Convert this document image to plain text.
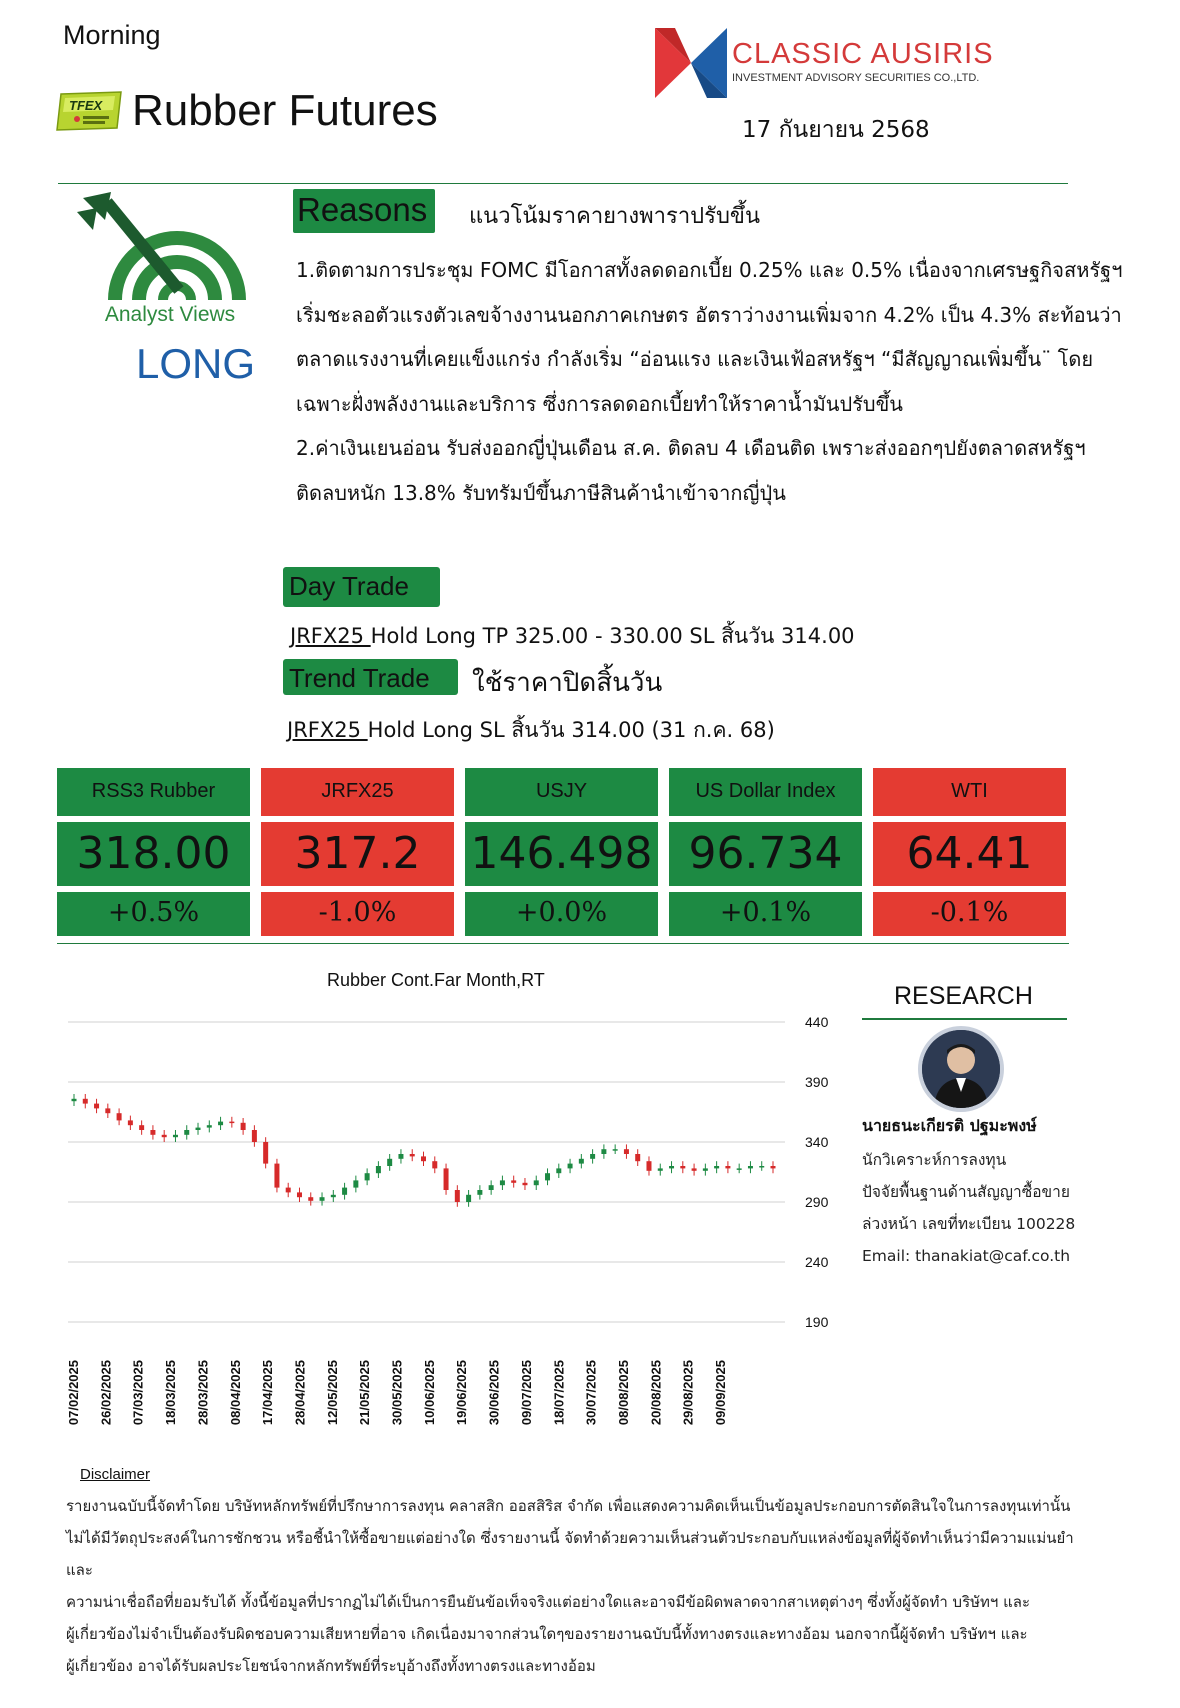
Morning
TFEX Rubber Futures
CLASSIC AUSIRIS
INVESTMENT ADVISORY SECURITIES CO.,LTD.
17 กันยายน 2568
Analyst Views
LONG
Reasons	แนวโน้มราคายางพาราปรับขึ้น

1.ติดตามการประชุม FOMC มีโอกาสทั้งลดดอกเบี้ย 0.25% และ 0.5% เนื่องจากเศรษฐกิจสหรัฐฯ เริ่มชะลอตัวแรงตัวเลขจ้างงานนอกภาคเกษตร อัตราว่างงานเพิ่มจาก 4.2% เป็น 4.3% สะท้อนว่าตลาดแรงงานที่เคยแข็งแกร่ง กำลังเริ่ม “อ่อนแรง และเงินเฟ้อสหรัฐฯ “มีสัญญาณเพิ่มขึ้น¨ โดยเฉพาะฝั่งพลังงานและบริการ ซึ่งการลดดอกเบี้ยทำให้ราคาน้ำมันปรับขึ้น

2.ค่าเงินเยนอ่อน รับส่งออกญี่ปุ่นเดือน ส.ค. ติดลบ 4 เดือนติด เพราะส่งออกๆปยังตลาดสหรัฐฯ ติดลบหนัก 13.8% รับทรัมป์ขึ้นภาษีสินค้านำเข้าจากญี่ปุ่น

Day Trade
JRFX25 Hold Long TP 325.00 - 330.00 SL สิ้นวัน 314.00
Trend Trade	ใช้ราคาปิดสิ้นวัน
JRFX25 Hold Long SL สิ้นวัน 314.00 (31 ก.ค. 68)
RSS3 Rubber
318.00
+0.5%
JRFX25
317.2
-1.0%
USJY
146.498
+0.0%
US Dollar Index
96.734
+0.1%
WTI
64.41
-0.1%
Rubber Cont.Far Month,RT
440
390
340
290
240
190
07/02/2025 26/02/2025 07/03/2025 18/03/2025 28/03/2025 08/04/2025 17/04/2025 28/04/2025 12/05/2025 21/05/2025 30/05/2025 10/06/2025 19/06/2025 30/06/2025 09/07/2025 18/07/2025 30/07/2025 08/08/2025 20/08/2025 29/08/2025 09/09/2025
RESEARCH
นายธนะเกียรติ ปฐมะพงษ์
นักวิเคราะห์การลงทุน
ปัจจัยพื้นฐานด้านสัญญาซื้อขาย
ล่วงหน้า เลขที่ทะเบียน 100228
Email: thanakiat@caf.co.th
Disclaimer

รายงานฉบับนี้จัดทำโดย บริษัทหลักทรัพย์ที่ปรึกษาการลงทุน คลาสสิก ออสสิริส จำกัด เพื่อแสดงความคิดเห็นเป็นข้อมูลประกอบการตัดสินใจในการลงทุนเท่านั้น

ไม่ได้มีวัตถุประสงค์ในการชักชวน หรือชี้นำให้ซื้อขายแต่อย่างใด ซึ่งรายงานนี้ จัดทำด้วยความเห็นส่วนตัวประกอบกับแหล่งข้อมูลที่ผู้จัดทำเห็นว่ามีความแม่นยำและ

ความน่าเชื่อถือที่ยอมรับได้ ทั้งนี้ข้อมูลที่ปรากฏไม่ได้เป็นการยืนยันข้อเท็จจริงแต่อย่างใดและอาจมีข้อผิดพลาดจากสาเหตุต่างๆ ซึ่งทั้งผู้จัดทำ บริษัทฯ และ

ผู้เกี่ยวข้องไม่จำเป็นต้องรับผิดชอบความเสียหายที่อาจ เกิดเนื่องมาจากส่วนใดๆของรายงานฉบับนี้ทั้งทางตรงและทางอ้อม นอกจากนี้ผู้จัดทำ บริษัทฯ และ

ผู้เกี่ยวข้อง อาจได้รับผลประโยชน์จากหลักทรัพย์ที่ระบุอ้างถึงทั้งทางตรงและทางอ้อม
